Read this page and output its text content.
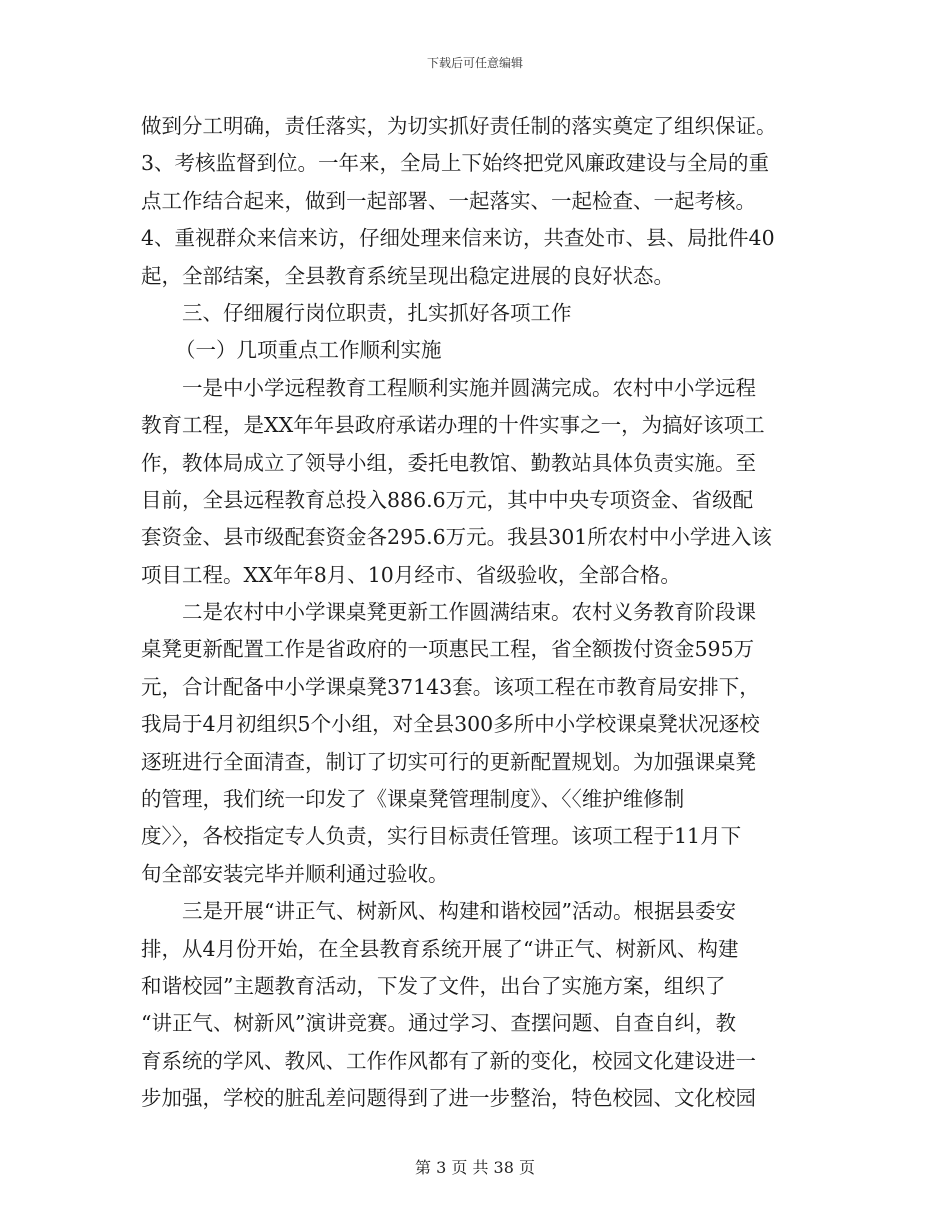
下载后可任意编辑
做到分工明确，责任落实，为切实抓好责任制的落实奠定了组织保证。
3、考核监督到位。一年来，全局上下始终把党风廉政建设与全局的重
点工作结合起来，做到一起部署、一起落实、一起检查、一起考核。
4、重视群众来信来访，仔细处理来信来访，共查处市、县、局批件40
起，全部结案，全县教育系统呈现出稳定进展的良好状态。
三、仔细履行岗位职责，扎实抓好各项工作
（一）几项重点工作顺利实施
一是中小学远程教育工程顺利实施并圆满完成。农村中小学远程
教育工程，是XX年年县政府承诺办理的十件实事之一，为搞好该项工
作，教体局成立了领导小组，委托电教馆、勤教站具体负责实施。至
目前，全县远程教育总投入886.6万元，其中中央专项资金、省级配
套资金、县市级配套资金各295.6万元。我县301所农村中小学进入该
项目工程。XX年年8月、10月经市、省级验收，全部合格。
二是农村中小学课桌凳更新工作圆满结束。农村义务教育阶段课
桌凳更新配置工作是省政府的一项惠民工程，省全额拨付资金595万
元，合计配备中小学课桌凳37143套。该项工程在市教育局安排下，
我局于4月初组织5个小组，对全县300多所中小学校课桌凳状况逐校
逐班进行全面清查，制订了切实可行的更新配置规划。为加强课桌凳
的管理，我们统一印发了《课桌凳管理制度》、〈〈维护维修制
度〉〉，各校指定专人负责，实行目标责任管理。该项工程于11月下
旬全部安装完毕并顺利通过验收。
三是开展“讲正气、树新风、构建和谐校园”活动。根据县委安
排，从4月份开始，在全县教育系统开展了“讲正气、树新风、构建
和谐校园”主题教育活动，下发了文件，出台了实施方案，组织了
“讲正气、树新风”演讲竞赛。通过学习、查摆问题、自查自纠，教
育系统的学风、教风、工作作风都有了新的变化，校园文化建设进一
步加强，学校的脏乱差问题得到了进一步整治，特色校园、文化校园
第 3 页 共 38 页
